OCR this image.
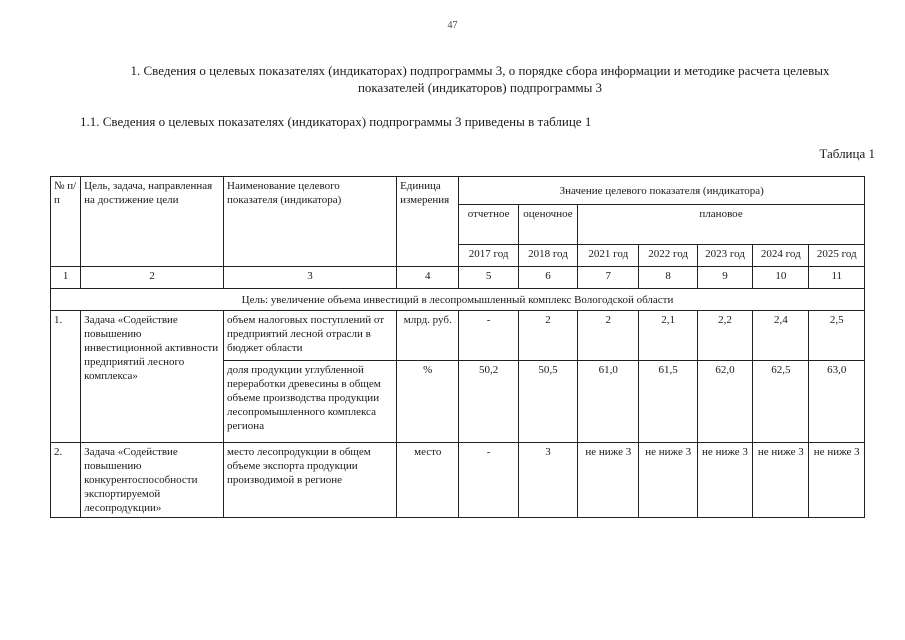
47
1. Сведения о целевых показателях (индикаторах) подпрограммы 3, о порядке сбора информации и методике расчета целевых показателей (индикаторов) подпрограммы 3
1.1. Сведения о целевых показателях (индикаторах) подпрограммы 3 приведены в таблице 1
Таблица 1
№ п/п	Цель, задача, направленная на достижение цели	Наименование целевого показателя (индикатора)	Единица измерения	Значение целевого показателя (индикатора)						
				отчетное	оценочное	плановое				
				2017 год	2018 год	2021 год	2022 год	2023 год	2024 год	2025 год
1	2	3	4	5	6	7	8	9	10	11
Цель: увеличение объема инвестиций в лесопромышленный комплекс Вологодской области										
1.	Задача «Содействие повышению инвестиционной активности предприятий лесного комплекса»	объем налоговых поступлений от предприятий лесной отрасли в бюджет области	млрд. руб.	-	2	2	2,1	2,2	2,4	2,5
		доля продукции углубленной переработки древесины в общем объеме производства продукции лесопромышленного комплекса региона	%	50,2	50,5	61,0	61,5	62,0	62,5	63,0
2.	Задача «Содействие повышению конкурентоспособности экспортируемой лесопродукции»	место лесопродукции в общем объеме экспорта продукции производимой в регионе	место	-	3	не ниже 3	не ниже 3	не ниже 3	не ниже 3	не ниже 3
